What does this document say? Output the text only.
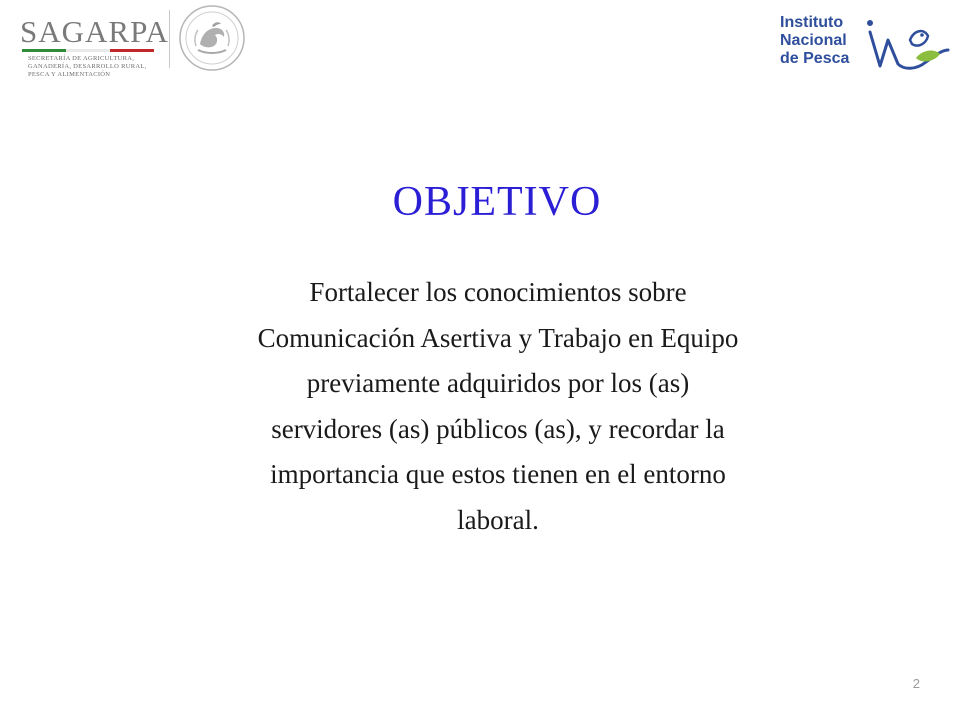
SAGARPA
SECRETARÍA DE AGRICULTURA,
GANADERÍA, DESARROLLO RURAL,
PESCA Y ALIMENTACIÓN
Instituto
Nacional
de Pesca
OBJETIVO
Fortalecer los conocimientos sobre Comunicación Asertiva y Trabajo en Equipo previamente adquiridos por los (as) servidores (as) públicos (as), y recordar la importancia que estos tienen en el entorno laboral.
2
